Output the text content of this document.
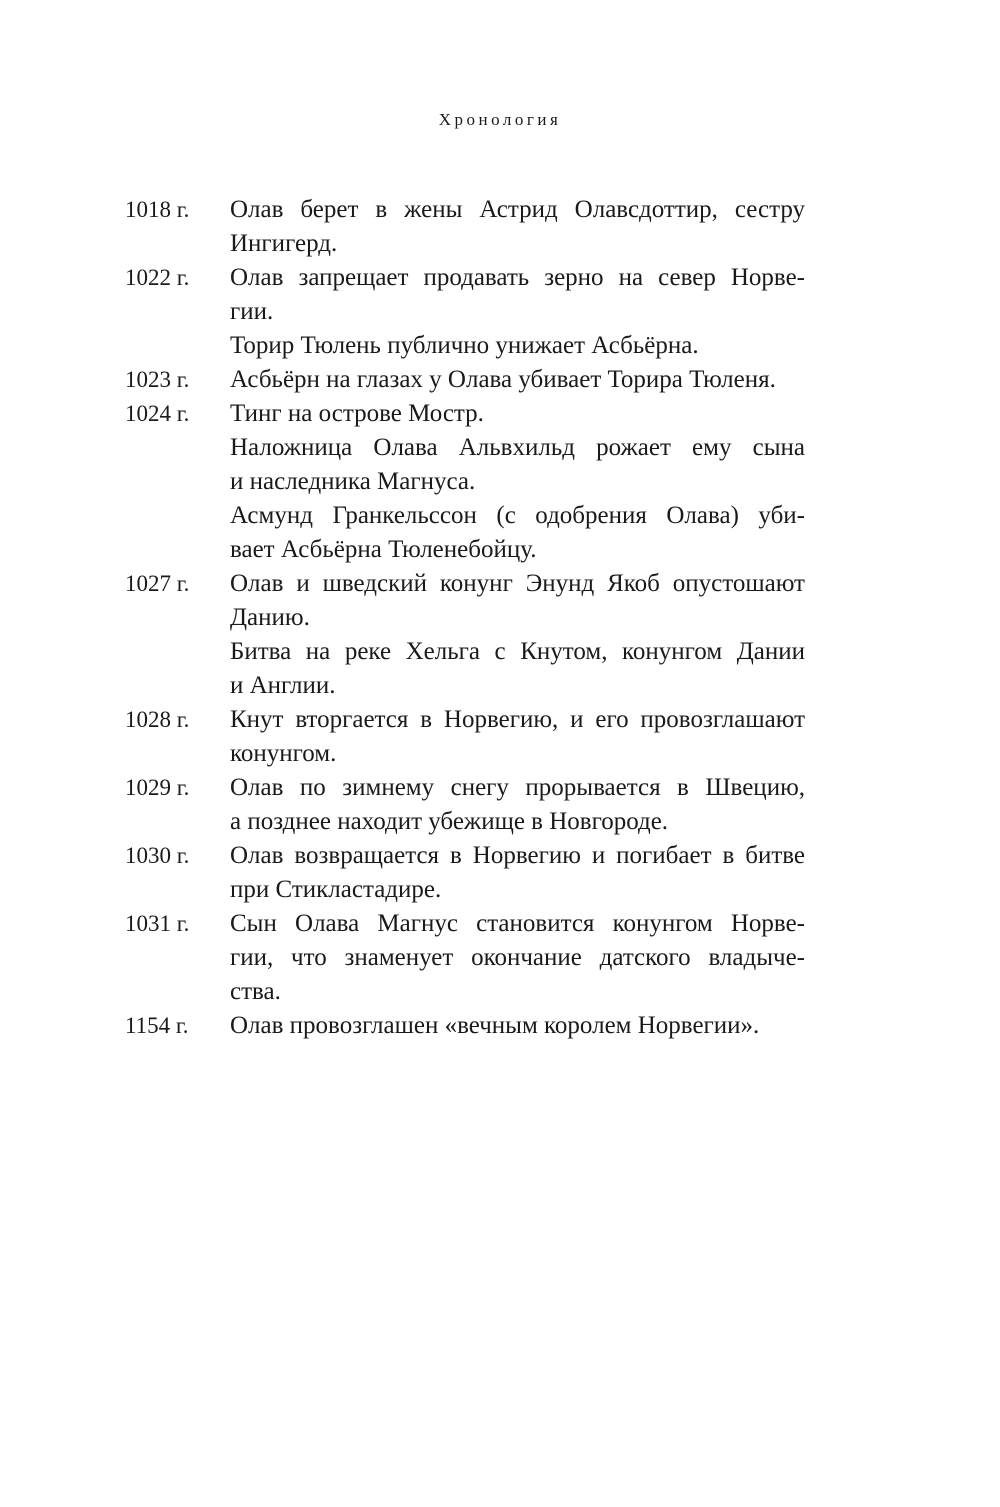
Хронология
1018 г.	Олав берет в жены Астрид Олавсдоттир, сестру
Ингигерд.
1022 г.	Олав запрещает продавать зерно на север Норве-
гии.
Торир Тюлень публично унижает Асбьёрна.
1023 г.	Асбьёрн на глазах у Олава убивает Торира Тюленя.
1024 г.	Тинг на острове Мостр.
Наложница Олава Альвхильд рожает ему сына
и наследника Магнуса.
Асмунд Гранкельссон (с одобрения Олава) уби-
вает Асбьёрна Тюленебойцу.
1027 г.	Олав и шведский конунг Энунд Якоб опустошают
Данию.
Битва на реке Хельга с Кнутом, конунгом Дании
и Англии.
1028 г.	Кнут вторгается в Норвегию, и его провозглашают
конунгом.
1029 г.	Олав по зимнему снегу прорывается в Швецию,
а позднее находит убежище в Новгороде.
1030 г.	Олав возвращается в Норвегию и погибает в битве
при Стикластадире.
1031 г.	Сын Олава Магнус становится конунгом Норве-
гии, что знаменует окончание датского владыче-
ства.
1154 г.	Олав провозглашен «вечным королем Норвегии».
